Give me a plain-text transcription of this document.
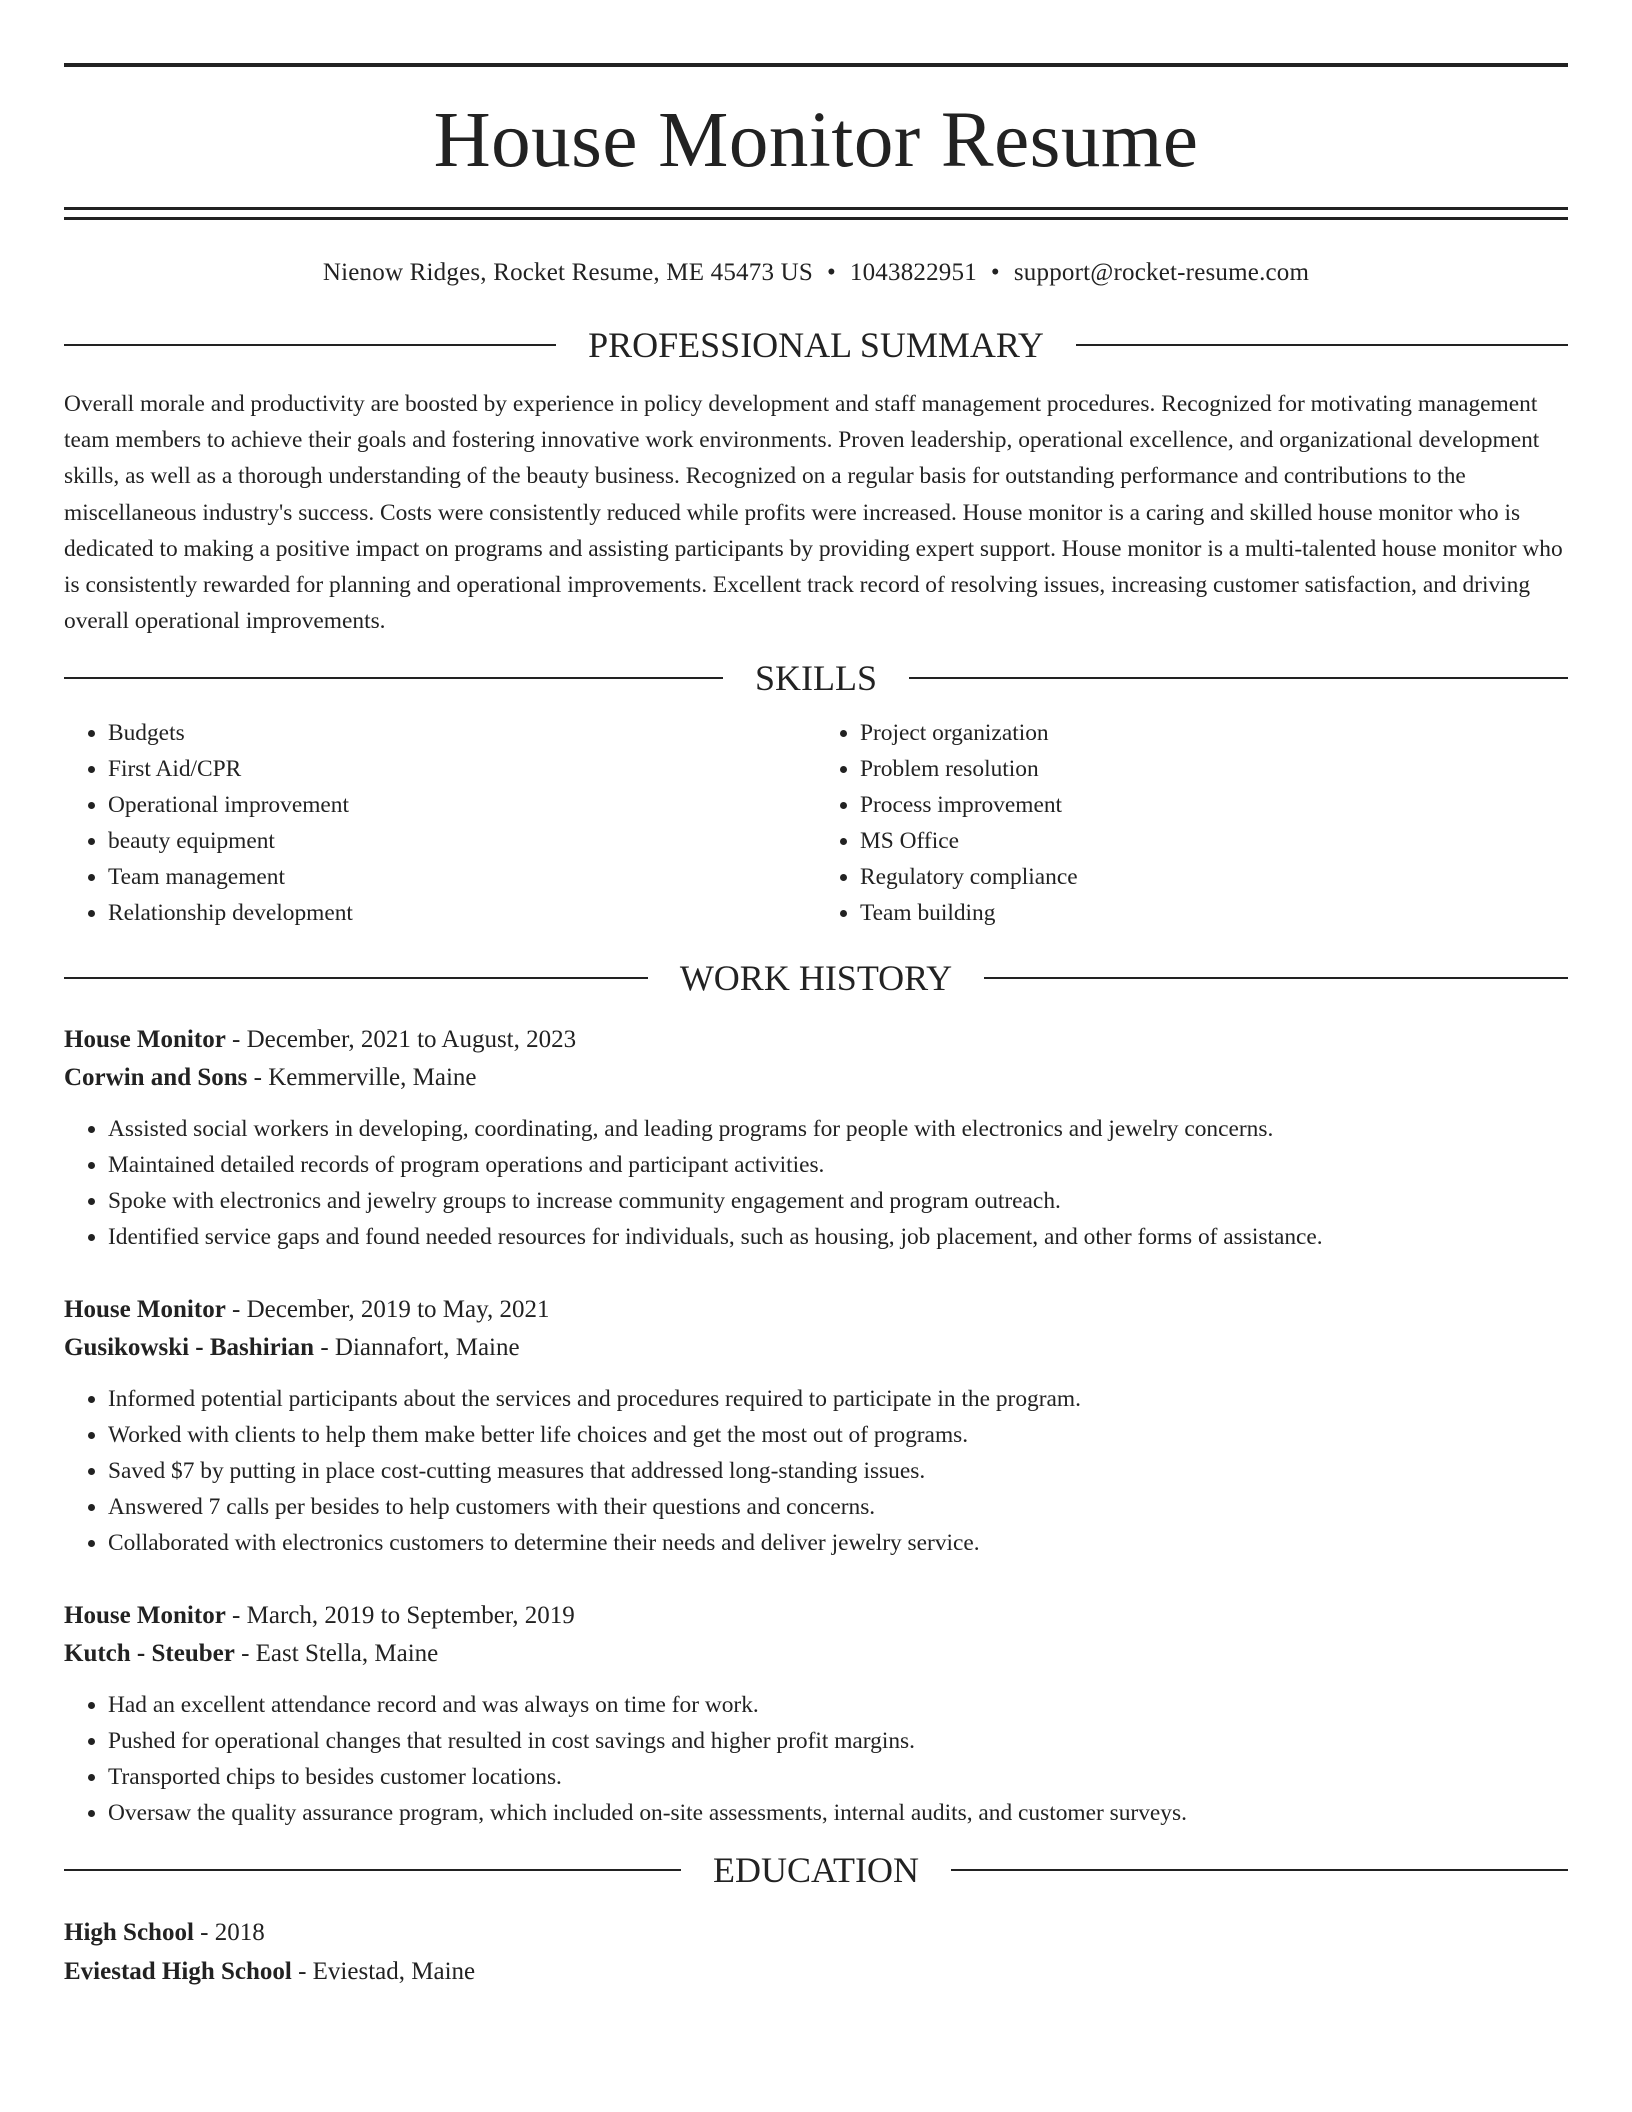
House Monitor Resume
Nienow Ridges, Rocket Resume, ME 45473 US • 1043822951 • support@rocket-resume.com
PROFESSIONAL SUMMARY
Overall morale and productivity are boosted by experience in policy development and staff management procedures. Recognized for motivating management team members to achieve their goals and fostering innovative work environments. Proven leadership, operational excellence, and organizational development skills, as well as a thorough understanding of the beauty business. Recognized on a regular basis for outstanding performance and contributions to the miscellaneous industry's success. Costs were consistently reduced while profits were increased. House monitor is a caring and skilled house monitor who is dedicated to making a positive impact on programs and assisting participants by providing expert support. House monitor is a multi-talented house monitor who is consistently rewarded for planning and operational improvements. Excellent track record of resolving issues, increasing customer satisfaction, and driving overall operational improvements.
SKILLS
• Budgets
• First Aid/CPR
• Operational improvement
• beauty equipment
• Team management
• Relationship development
• Project organization
• Problem resolution
• Process improvement
• MS Office
• Regulatory compliance
• Team building
WORK HISTORY
House Monitor - December, 2021 to August, 2023
Corwin and Sons - Kemmerville, Maine
• Assisted social workers in developing, coordinating, and leading programs for people with electronics and jewelry concerns.
• Maintained detailed records of program operations and participant activities.
• Spoke with electronics and jewelry groups to increase community engagement and program outreach.
• Identified service gaps and found needed resources for individuals, such as housing, job placement, and other forms of assistance.
House Monitor - December, 2019 to May, 2021
Gusikowski - Bashirian - Diannafort, Maine
• Informed potential participants about the services and procedures required to participate in the program.
• Worked with clients to help them make better life choices and get the most out of programs.
• Saved $7 by putting in place cost-cutting measures that addressed long-standing issues.
• Answered 7 calls per besides to help customers with their questions and concerns.
• Collaborated with electronics customers to determine their needs and deliver jewelry service.
House Monitor - March, 2019 to September, 2019
Kutch - Steuber - East Stella, Maine
• Had an excellent attendance record and was always on time for work.
• Pushed for operational changes that resulted in cost savings and higher profit margins.
• Transported chips to besides customer locations.
• Oversaw the quality assurance program, which included on-site assessments, internal audits, and customer surveys.
EDUCATION
High School - 2018
Eviestad High School - Eviestad, Maine
